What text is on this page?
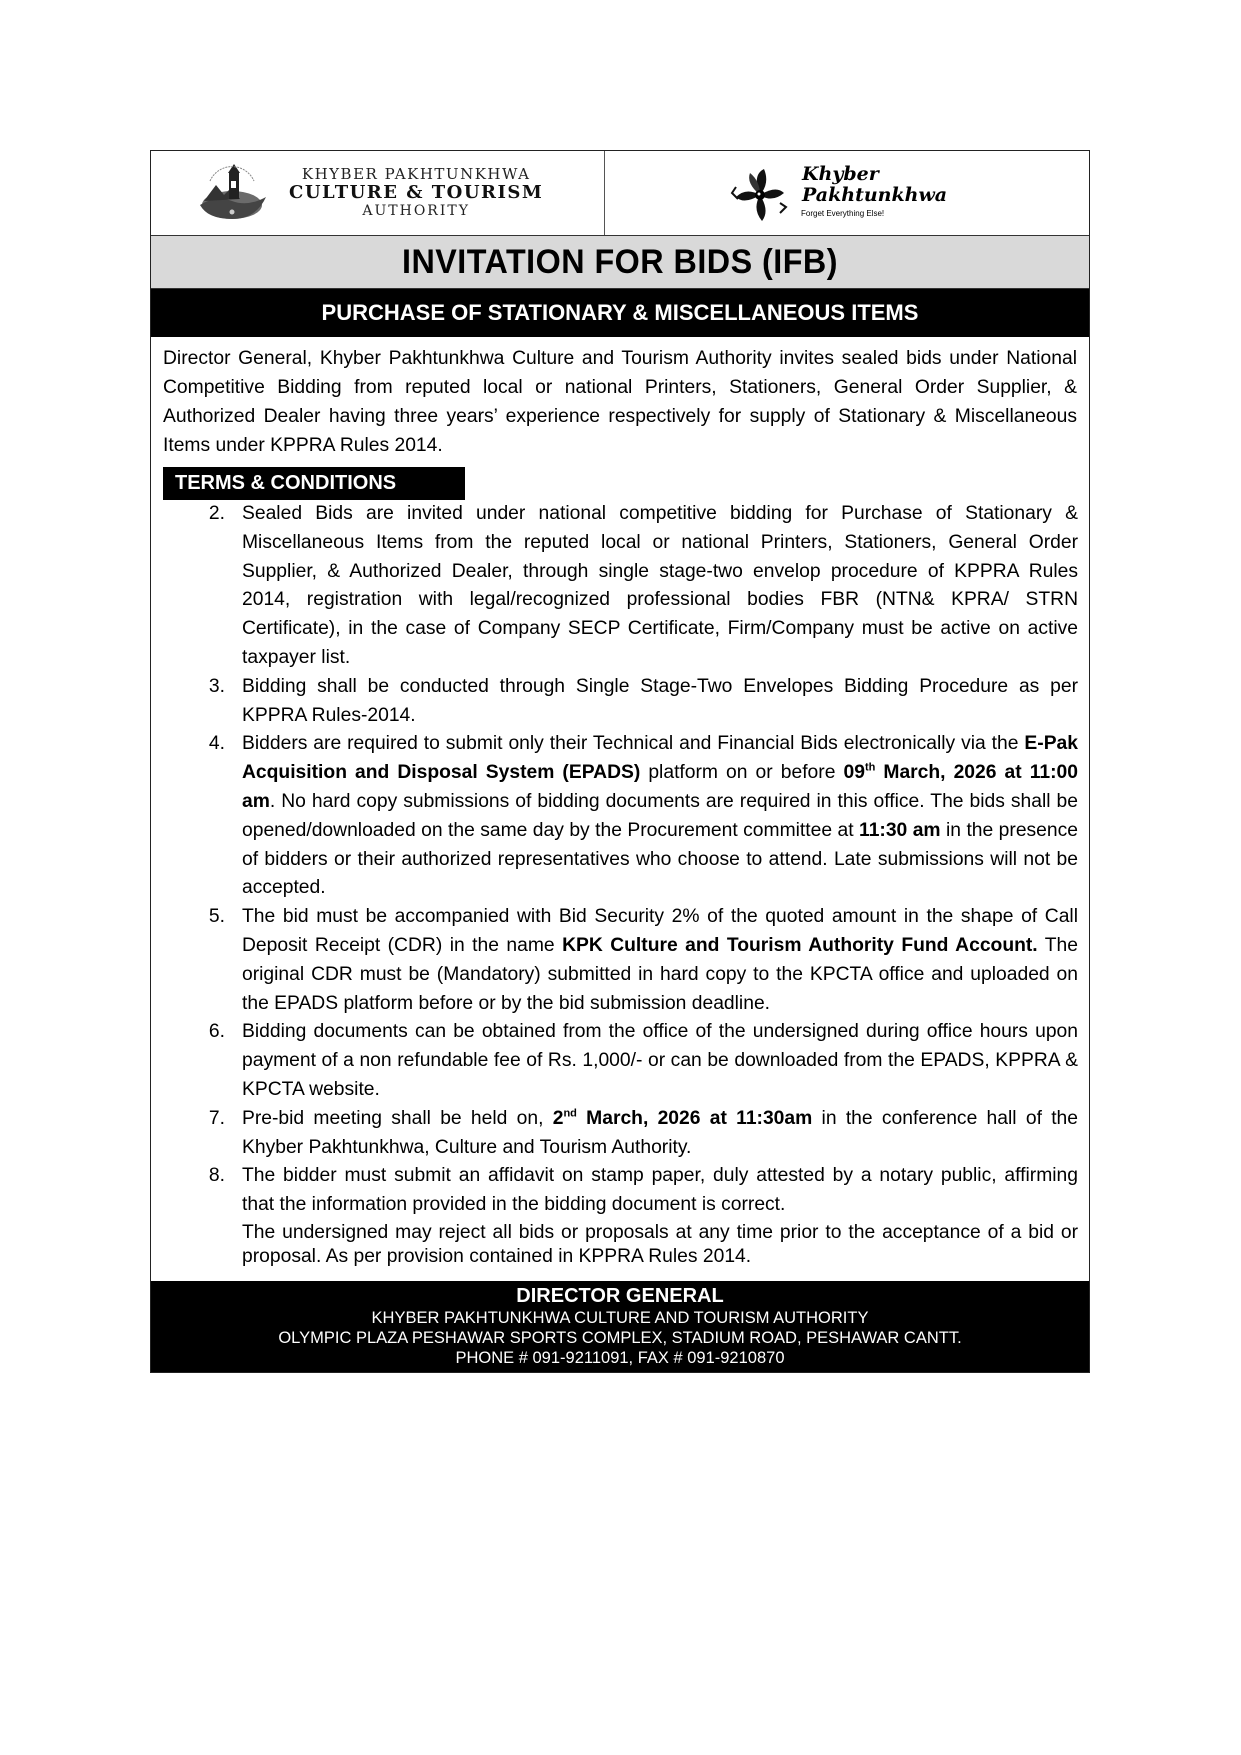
KHYBER PAKHTUNKHWA
CULTURE & TOURISM
AUTHORITY
Khyber
Pakhtunkhwa
Forget Everything Else!
INVITATION FOR BIDS (IFB)
PURCHASE OF STATIONARY & MISCELLANEOUS ITEMS
Director General, Khyber Pakhtunkhwa Culture and Tourism Authority invites sealed bids under National Competitive Bidding from reputed local or national Printers, Stationers, General Order Supplier, & Authorized Dealer having three years’ experience respectively for supply of Stationary & Miscellaneous Items under KPPRA Rules 2014.
TERMS & CONDITIONS
2. Sealed Bids are invited under national competitive bidding for Purchase of Stationary & Miscellaneous Items from the reputed local or national Printers, Stationers, General Order Supplier, & Authorized Dealer, through single stage-two envelop procedure of KPPRA Rules 2014, registration with legal/recognized professional bodies FBR (NTN& KPRA/ STRN Certificate), in the case of Company SECP Certificate, Firm/Company must be active on active taxpayer list.
3. Bidding shall be conducted through Single Stage-Two Envelopes Bidding Procedure as per KPPRA Rules-2014.
4. Bidders are required to submit only their Technical and Financial Bids electronically via the E-Pak Acquisition and Disposal System (EPADS) platform on or before 09th March, 2026 at 11:00 am. No hard copy submissions of bidding documents are required in this office. The bids shall be opened/downloaded on the same day by the Procurement committee at 11:30 am in the presence of bidders or their authorized representatives who choose to attend. Late submissions will not be accepted.
5. The bid must be accompanied with Bid Security 2% of the quoted amount in the shape of Call Deposit Receipt (CDR) in the name KPK Culture and Tourism Authority Fund Account. The original CDR must be (Mandatory) submitted in hard copy to the KPCTA office and uploaded on the EPADS platform before or by the bid submission deadline.
6. Bidding documents can be obtained from the office of the undersigned during office hours upon payment of a non refundable fee of Rs. 1,000/- or can be downloaded from the EPADS, KPPRA & KPCTA website.
7. Pre-bid meeting shall be held on, 2nd March, 2026 at 11:30am in the conference hall of the Khyber Pakhtunkhwa, Culture and Tourism Authority.
8. The bidder must submit an affidavit on stamp paper, duly attested by a notary public, affirming that the information provided in the bidding document is correct.
The undersigned may reject all bids or proposals at any time prior to the acceptance of a bid or proposal. As per provision contained in KPPRA Rules 2014.
DIRECTOR GENERAL
KHYBER PAKHTUNKHWA CULTURE AND TOURISM AUTHORITY
OLYMPIC PLAZA PESHAWAR SPORTS COMPLEX, STADIUM ROAD, PESHAWAR CANTT.
PHONE # 091-9211091, FAX # 091-9210870
